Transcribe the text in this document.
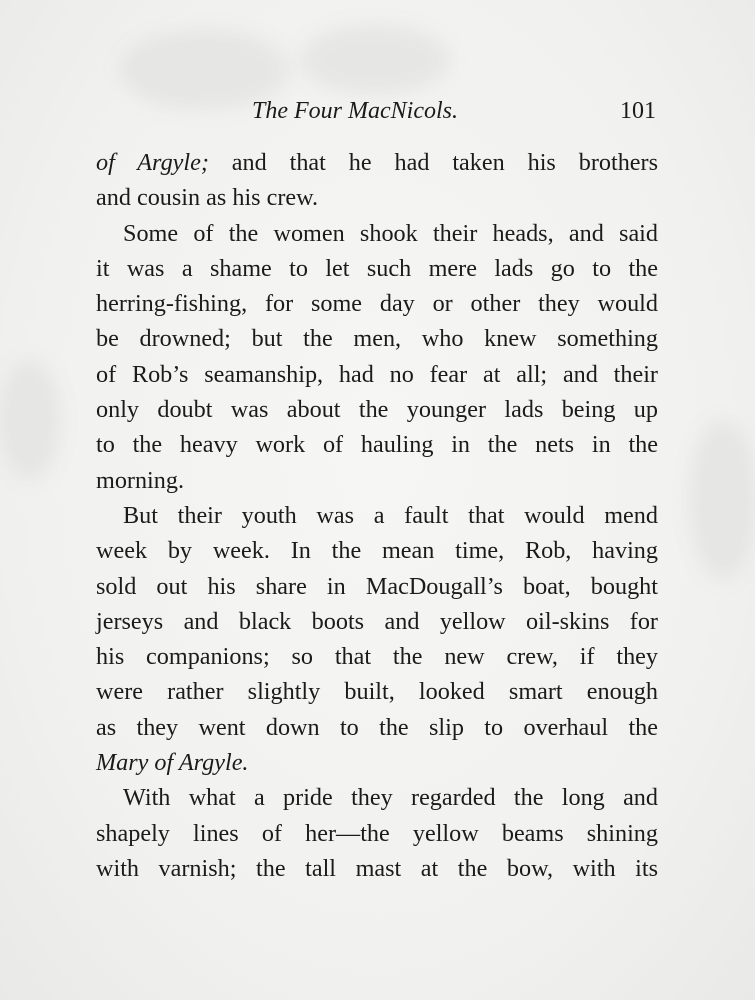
The Four MacNicols.	101
of Argyle; and that he had taken his brothers
and cousin as his crew.
Some of the women shook their heads, and said
it was a shame to let such mere lads go to the
herring-fishing, for some day or other they would
be drowned; but the men, who knew something
of Rob’s seamanship, had no fear at all; and their
only doubt was about the younger lads being up
to the heavy work of hauling in the nets in the
morning.
But their youth was a fault that would mend
week by week. In the mean time, Rob, having
sold out his share in MacDougall’s boat, bought
jerseys and black boots and yellow oil-skins for
his companions; so that the new crew, if they
were rather slightly built, looked smart enough
as they went down to the slip to overhaul the
Mary of Argyle.
With what a pride they regarded the long and
shapely lines of her—the yellow beams shining
with varnish; the tall mast at the bow, with its
